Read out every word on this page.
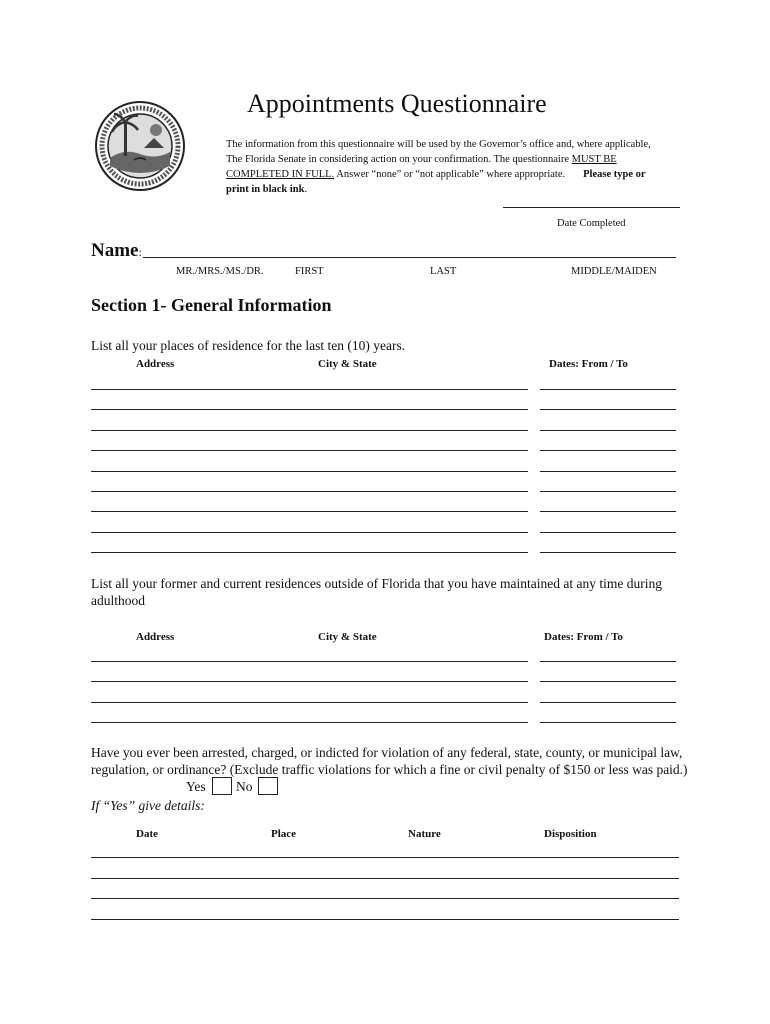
Appointments Questionnaire
The information from this questionnaire will be used by the Governor’s office and, where applicable, The Florida Senate in considering action on your confirmation. The questionnaire MUST BE COMPLETED IN FULL. Answer “none” or “not applicable” where appropriate. Please type or print in black ink.
Date Completed
Name:
MR./MRS./MS./DR.	FIRST	LAST	MIDDLE/MAIDEN
Section 1- General Information
List all your places of residence for the last ten (10) years.
Address	City & State	Dates: From / To
List all your former and current residences outside of Florida that you have maintained at any time during adulthood
Address	City & State	Dates: From / To
Have you ever been arrested, charged, or indicted for violation of any federal, state, county, or municipal law, regulation, or ordinance? (Exclude traffic violations for which a fine or civil penalty of $150 or less was paid.)
Yes No
If “Yes” give details:
Date	Place	Nature	Disposition
